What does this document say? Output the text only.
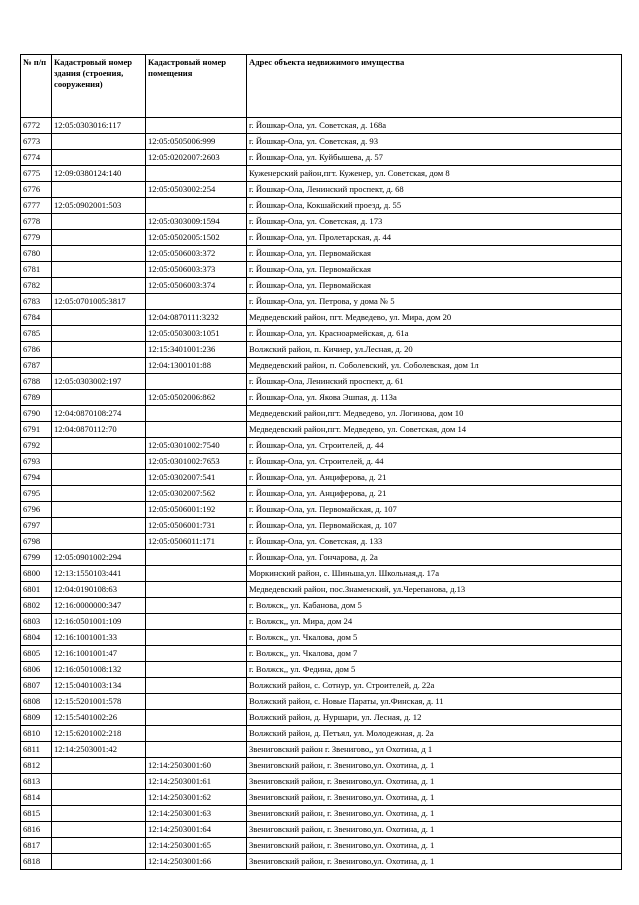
№ п/п	Кадастровый номер здания (строения, сооружения)	Кадастровый номер помещения	Адрес объекта недвижимого имущества
6772	12:05:0303016:117		г. Йошкар-Ола, ул. Советская, д. 168а
6773		12:05:0505006:999	г. Йошкар-Ола, ул. Советская, д. 93
6774		12:05:0202007:2603	г. Йошкар-Ола, ул. Куйбышева, д. 57
6775	12:09:0380124:140		Куженерский район,пгт. Куженер, ул. Советская, дом 8
6776		12:05:0503002:254	г. Йошкар-Ола, Ленинский проспект, д. 68
6777	12:05:0902001:503		г. Йошкар-Ола, Кокшайский проезд, д. 55
6778		12:05:0303009:1594	г. Йошкар-Ола, ул. Советская, д. 173
6779		12:05:0502005:1502	г. Йошкар-Ола, ул. Пролетарская, д. 44
6780		12:05:0506003:372	г. Йошкар-Ола, ул. Первомайская
6781		12:05:0506003:373	г. Йошкар-Ола, ул. Первомайская
6782		12:05:0506003:374	г. Йошкар-Ола, ул. Первомайская
6783	12:05:0701005:3817		г. Йошкар-Ола, ул. Петрова, у дома № 5
6784		12:04:0870111:3232	Медведевский район, пгт. Медведево, ул. Мира, дом 20
6785		12:05:0503003:1051	г. Йошкар-Ола, ул. Красноармейская, д. 61а
6786		12:15:3401001:236	Волжский район, п. Кичиер, ул.Лесная, д. 20
6787		12:04:1300101:88	Медведевский район, п. Соболевский, ул. Соболевская, дом 1л
6788	12:05:0303002:197		г. Йошкар-Ола, Ленинский проспект, д. 61
6789		12:05:0502006:862	г. Йошкар-Ола, ул. Якова Эшпая, д. 113а
6790	12:04:0870108:274		Медведевский район,пгт. Медведево, ул. Логинова, дом 10
6791	12:04:0870112:70		Медведевский район,пгт. Медведево, ул. Советская, дом 14
6792		12:05:0301002:7540	г. Йошкар-Ола, ул. Строителей, д. 44
6793		12:05:0301002:7653	г. Йошкар-Ола, ул. Строителей, д. 44
6794		12:05:0302007:541	г. Йошкар-Ола, ул. Анциферова, д. 21
6795		12:05:0302007:562	г. Йошкар-Ола, ул. Анциферова, д. 21
6796		12:05:0506001:192	г. Йошкар-Ола, ул. Первомайская, д. 107
6797		12:05:0506001:731	г. Йошкар-Ола, ул. Первомайская, д. 107
6798		12:05:0506011:171	г. Йошкар-Ола, ул. Советская, д. 133
6799	12:05:0901002:294		г. Йошкар-Ола, ул. Гончарова, д. 2а
6800	12:13:1550103:441		Моркинский район, с. Шиньша,ул. Школьная,д. 17а
6801	12:04:0190108:63		Медведевский район, пос.Знаменский, ул.Черепанова, д.13
6802	12:16:0000000:347		г. Волжск,, ул. Кабанова, дом 5
6803	12:16:0501001:109		г. Волжск,, ул. Мира, дом 24
6804	12:16:1001001:33		г. Волжск,, ул. Чкалова, дом 5
6805	12:16:1001001:47		г. Волжск,, ул. Чкалова, дом 7
6806	12:16:0501008:132		г. Волжск,, ул. Федина, дом 5
6807	12:15:0401003:134		Волжский район, с. Сотнур, ул. Строителей, д. 22а
6808	12:15:5201001:578		Волжский район, с. Новые Параты, ул.Финская, д. 11
6809	12:15:5401002:26		Волжский район, д. Нуршари, ул. Лесная, д. 12
6810	12:15:6201002:218		Волжский район, д. Петъял, ул. Молодежная, д. 2а
6811	12:14:2503001:42		Звениговский район г. Звенигово,, ул Охотина, д 1
6812		12:14:2503001:60	Звениговский район, г. Звенигово,ул. Охотина, д. 1
6813		12:14:2503001:61	Звениговский район, г. Звенигово,ул. Охотина, д. 1
6814		12:14:2503001:62	Звениговский район, г. Звенигово,ул. Охотина, д. 1
6815		12:14:2503001:63	Звениговский район, г. Звенигово,ул. Охотина, д. 1
6816		12:14:2503001:64	Звениговский район, г. Звенигово,ул. Охотина, д. 1
6817		12:14:2503001:65	Звениговский район, г. Звенигово,ул. Охотина, д. 1
6818		12:14:2503001:66	Звениговский район, г. Звенигово,ул. Охотина, д. 1
